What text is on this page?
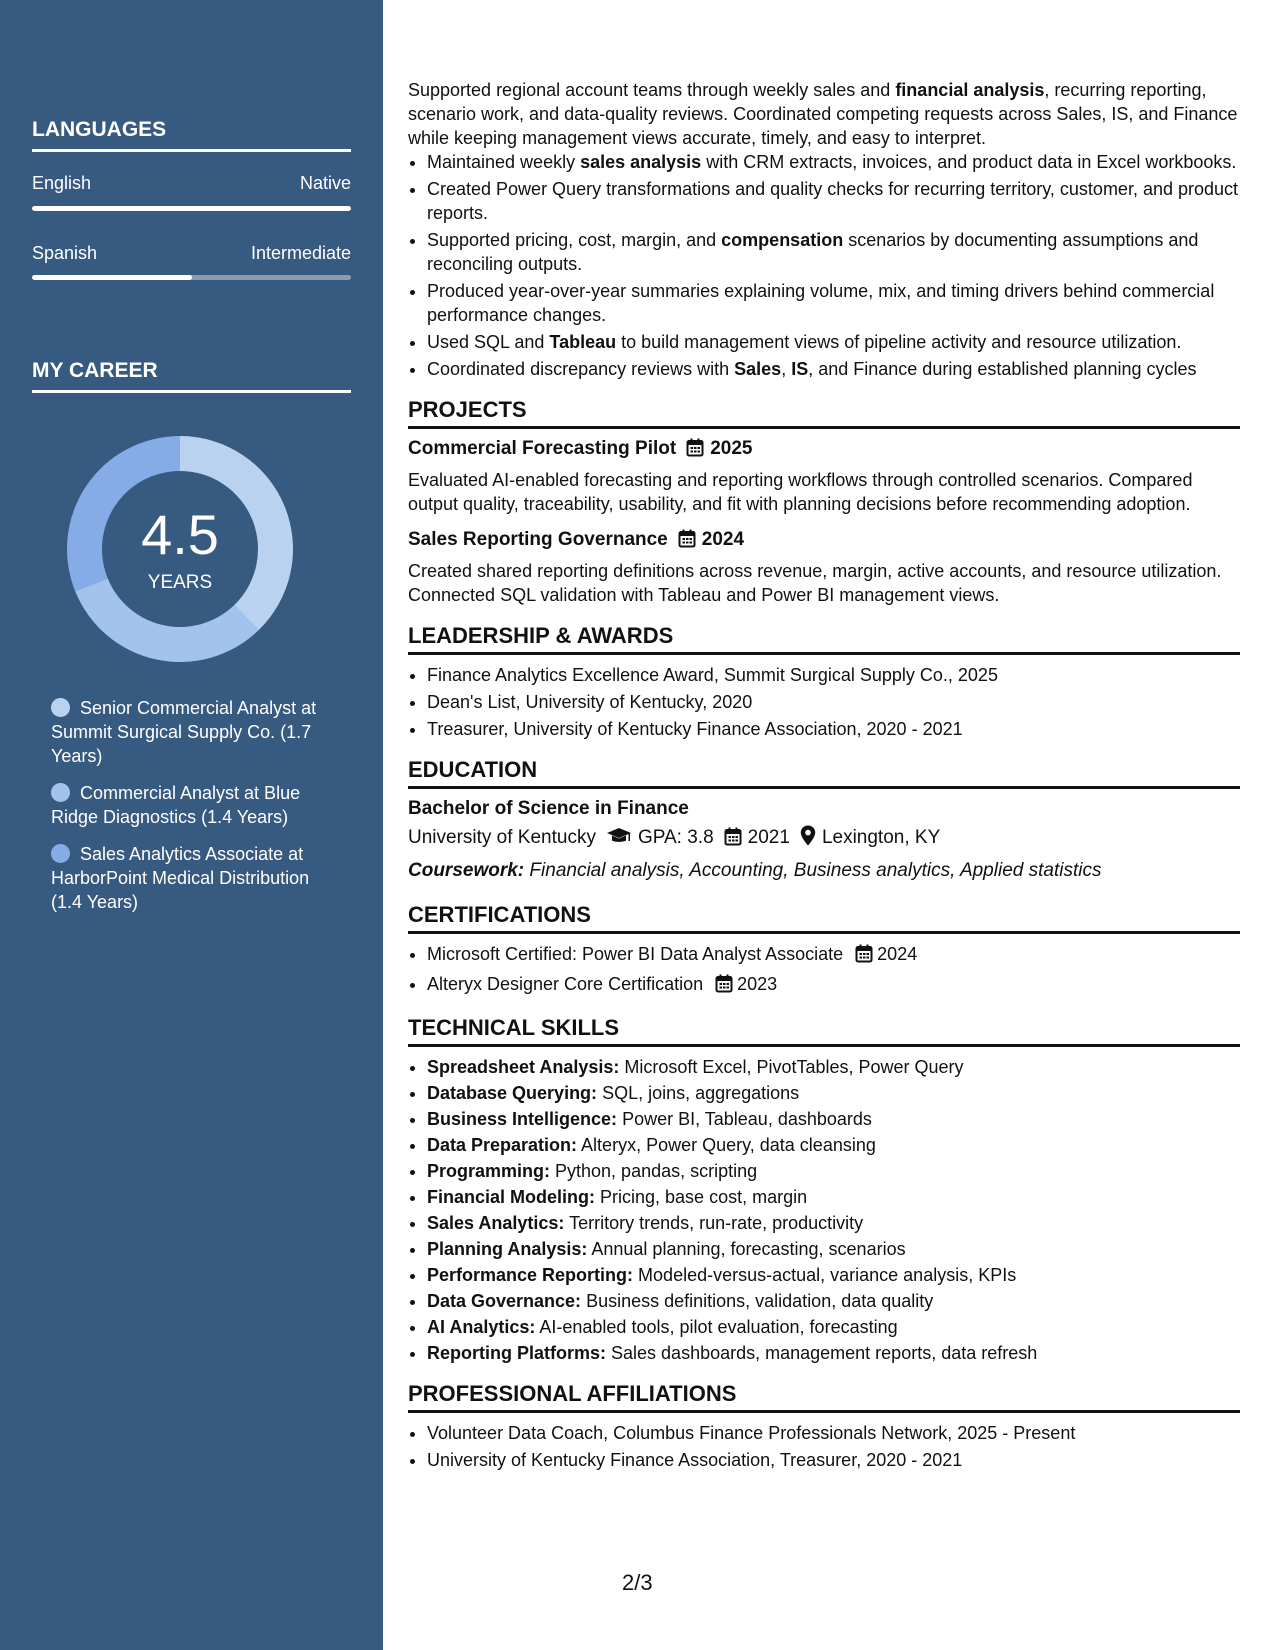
LANGUAGES
English	Native
Spanish	Intermediate
MY CAREER
4.5
YEARS
Senior Commercial Analyst at Summit Surgical Supply Co. (1.7 Years)
Commercial Analyst at Blue Ridge Diagnostics (1.4 Years)
Sales Analytics Associate at HarborPoint Medical Distribution (1.4 Years)

Supported regional account teams through weekly sales and financial analysis, recurring reporting, scenario work, and data-quality reviews. Coordinated competing requests across Sales, IS, and Finance while keeping management views accurate, timely, and easy to interpret.

• Maintained weekly sales analysis with CRM extracts, invoices, and product data in Excel workbooks.
• Created Power Query transformations and quality checks for recurring territory, customer, and product reports.
• Supported pricing, cost, margin, and compensation scenarios by documenting assumptions and reconciling outputs.
• Produced year-over-year summaries explaining volume, mix, and timing drivers behind commercial performance changes.
• Used SQL and Tableau to build management views of pipeline activity and resource utilization.
• Coordinated discrepancy reviews with Sales, IS, and Finance during established planning cycles
PROJECTS
Commercial Forecasting Pilot 2025

Evaluated AI-enabled forecasting and reporting workflows through controlled scenarios. Compared output quality, traceability, usability, and fit with planning decisions before recommending adoption.

Sales Reporting Governance 2024

Created shared reporting definitions across revenue, margin, active accounts, and resource utilization. Connected SQL validation with Tableau and Power BI management views.

LEADERSHIP & AWARDS
• Finance Analytics Excellence Award, Summit Surgical Supply Co., 2025
• Dean's List, University of Kentucky, 2020
• Treasurer, University of Kentucky Finance Association, 2020 - 2021
EDUCATION
Bachelor of Science in Finance
University of Kentucky GPA: 3.8 2021 Lexington, KY
Coursework: Financial analysis, Accounting, Business analytics, Applied statistics
CERTIFICATIONS
• Microsoft Certified: Power BI Data Analyst Associate 2024
• Alteryx Designer Core Certification 2023
TECHNICAL SKILLS
• Spreadsheet Analysis: Microsoft Excel, PivotTables, Power Query
• Database Querying: SQL, joins, aggregations
• Business Intelligence: Power BI, Tableau, dashboards
• Data Preparation: Alteryx, Power Query, data cleansing
• Programming: Python, pandas, scripting
• Financial Modeling: Pricing, base cost, margin
• Sales Analytics: Territory trends, run-rate, productivity
• Planning Analysis: Annual planning, forecasting, scenarios
• Performance Reporting: Modeled-versus-actual, variance analysis, KPIs
• Data Governance: Business definitions, validation, data quality
• AI Analytics: AI-enabled tools, pilot evaluation, forecasting
• Reporting Platforms: Sales dashboards, management reports, data refresh
PROFESSIONAL AFFILIATIONS
• Volunteer Data Coach, Columbus Finance Professionals Network, 2025 - Present
• University of Kentucky Finance Association, Treasurer, 2020 - 2021
2/3
